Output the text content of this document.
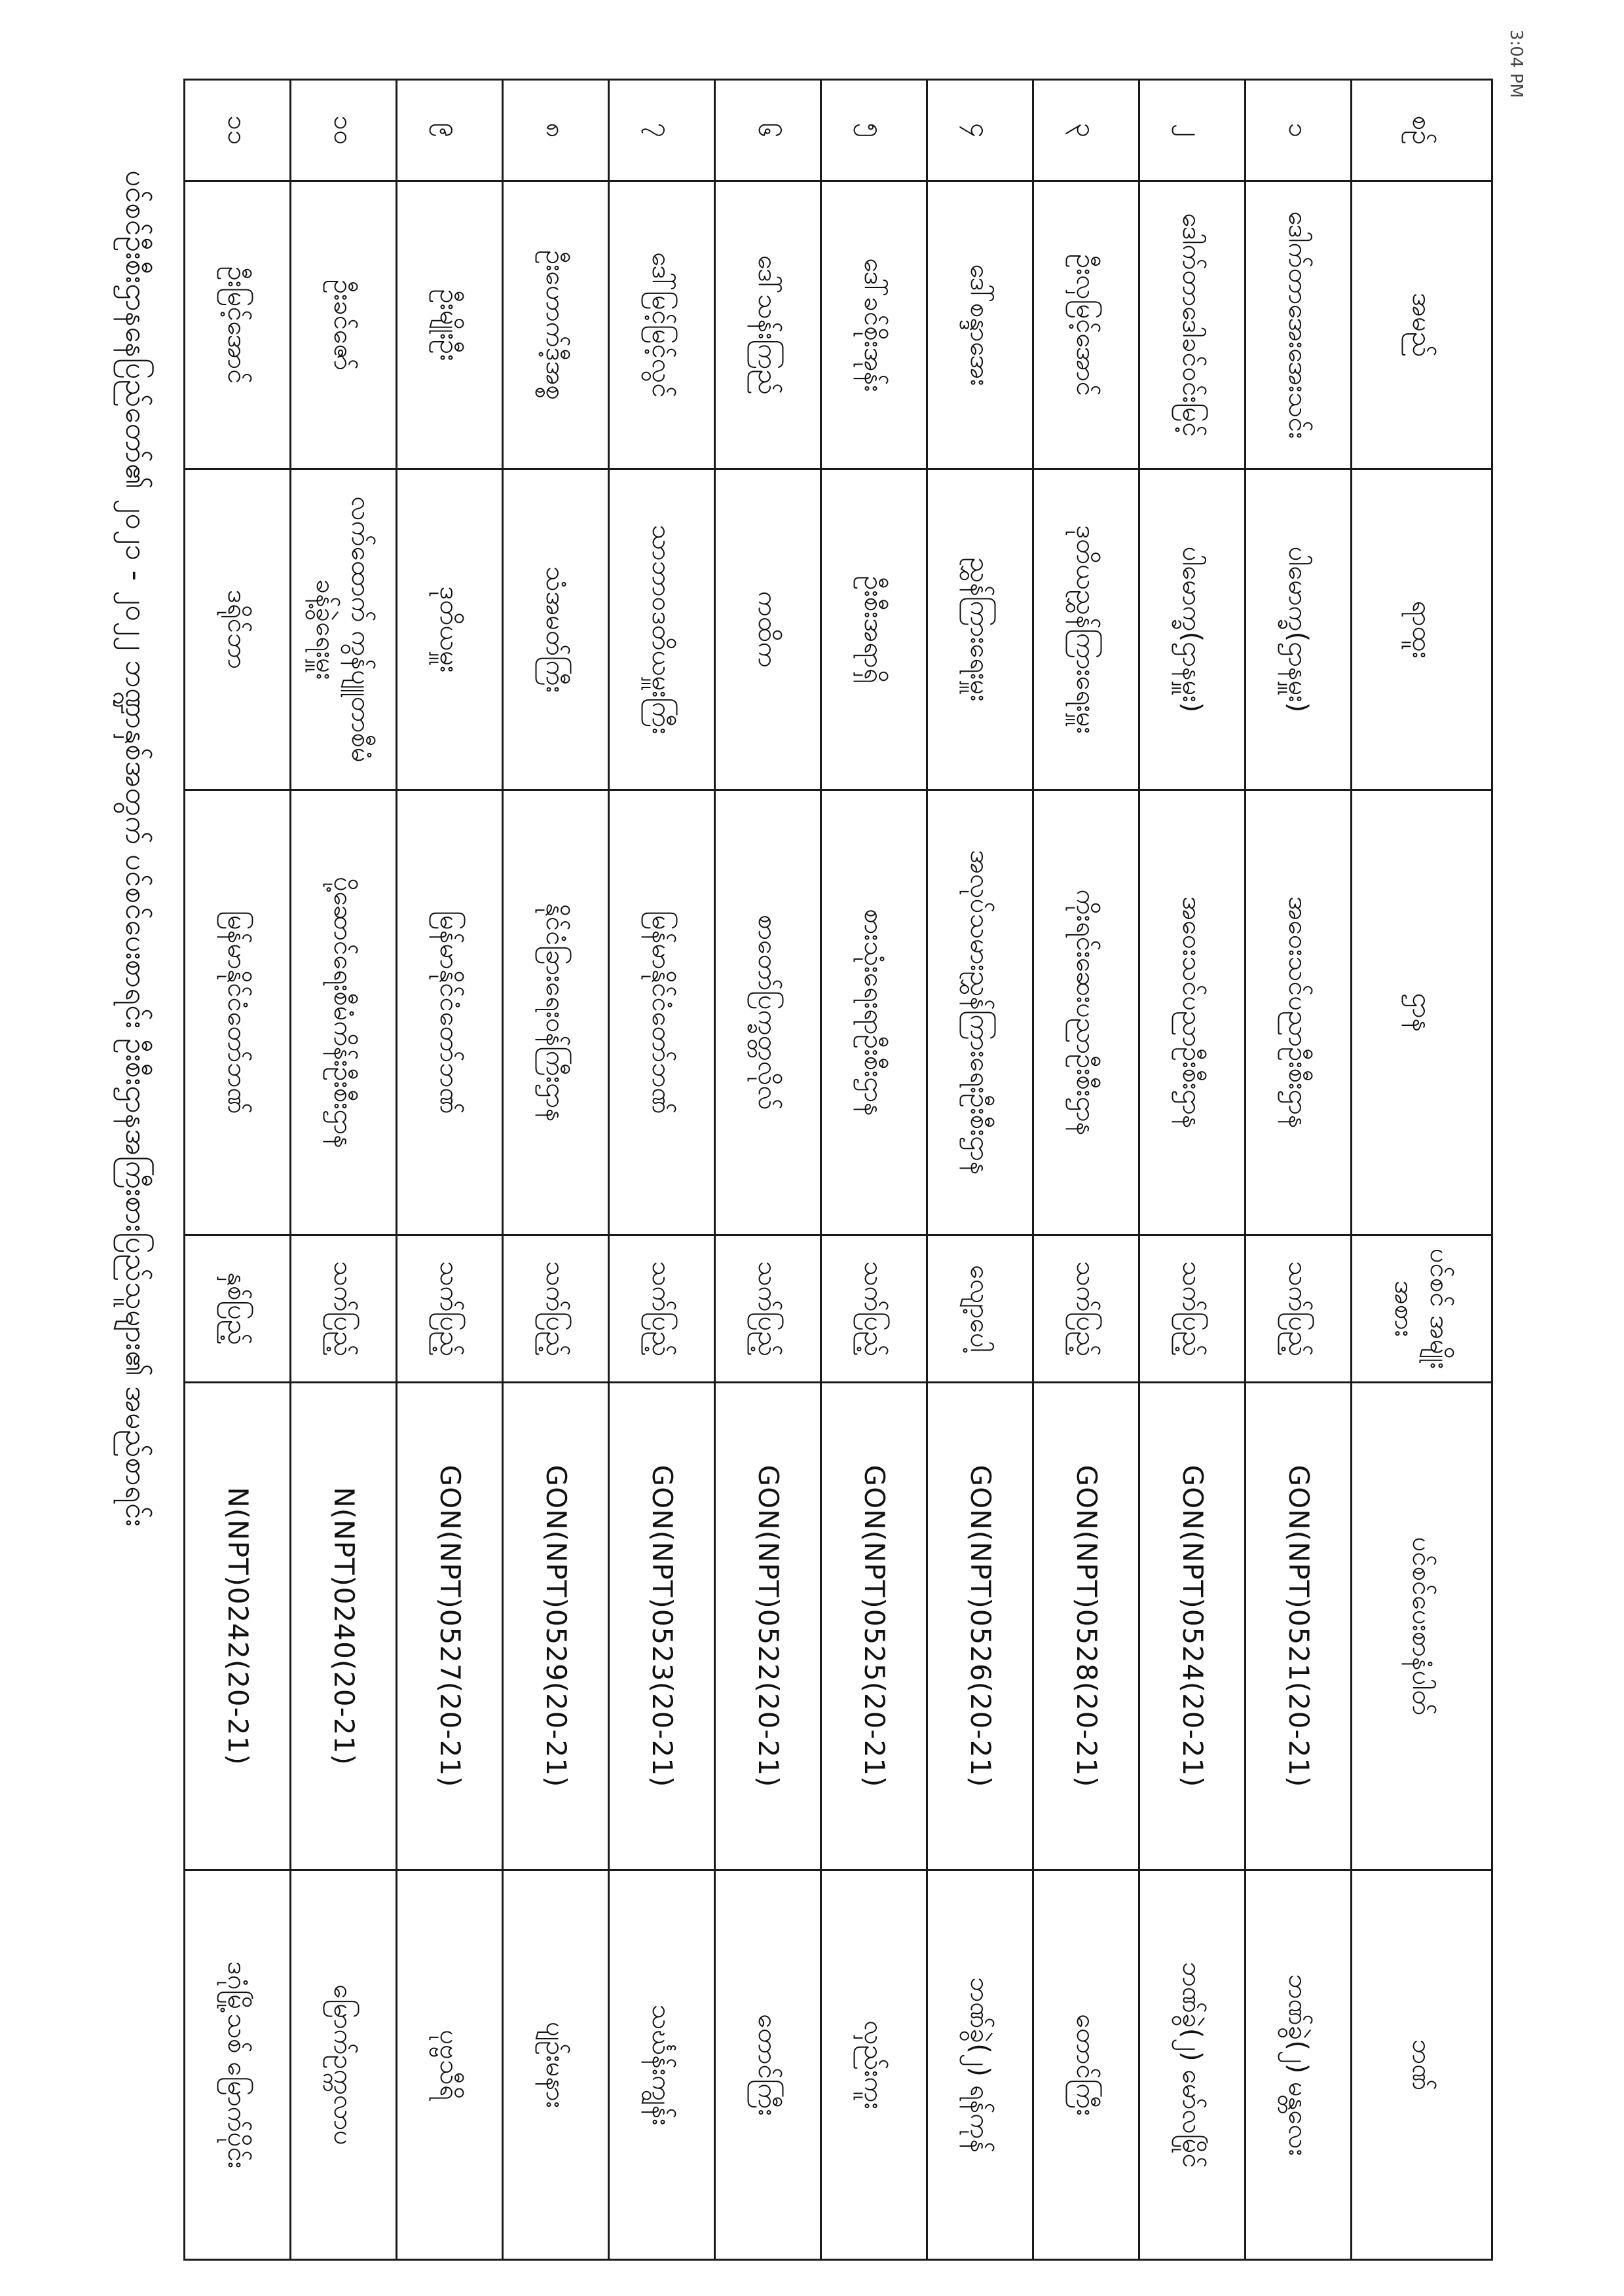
3:04 PM
ပင်စင်ဦးစီးဌာနနေပြည်တော်၏ ၂၀၂၁ - ၂၀၂၂ ဘဏ္ဍာနှစ်အတွက် ပင်စင်ပေးစာရင်း ဦးစီးဌာနအကြီးစားပြည်သူများ၏ အမည်စာရင်း
စဉ်	အမည်	ရာထူး	ဌာန	ပင်စင် အမျိုးအစား	ပင်စင်ပေးစာနံပါတ်	ဘဏ်
၁	ဒေါက်တာအေးအေးသင်း	ပါမောက္ခ(ဌာနမှူး)	အဝေးသင်ပညာဦးစီးဌာန	သက်ပြည့်	GON(NPT)0521(20-21)	ဘဏ်ခွဲ(၂) မန္တလေး
၂	ဒေါက်တာဒေါခင်ဝင်းမြင့်	ပါမောက္ခ(ဌာနမှူး)	အဝေးသင်ပညာဦးစီးဌာန	သက်ပြည့်	GON(NPT)0524(20-21)	ဘဏ်ခွဲ(၂) မော်လမြိုင်
၃	ဦးလှမြင့်အောင်	ဒုတိယညွှန်ကြားရေးမှူး	ကိုးရင်းဆေးပညာဦးစီးဌာန	သက်ပြည့်	GON(NPT)0528(20-21)	တောင်ကြီး
၄	ဒေါ်စန္ဒာအေး	ညွှန်ကြားရေးမှူး	အလုပ်သမားညွှန်ကြားရေးဦးစီးဌာန	လျော့ပေါ့	GON(NPT)0526(20-21)	ဘဏ်ခွဲ(၂) ရန်ကုန်
၅	ဒေါ်ခင်စိုးအုန်း	ဦးစီးအရာရှိ	စားသုံးရေးရာဦးစီးဌာန	သက်ပြည့်	GON(NPT)0525(20-21)	လှည်းကူး
၆	ဒေါ်သန်းကြည်	ကထိက	စာတော်ပြက္ခတ္တလိုလ်	သက်ပြည့်	GON(NPT)0522(20-21)	တောင်ကြီး
၇	ဒေါ်မြင့်မြင့်လွင်	သာဘာဝဒတိယမှူးကြီး	မြန်မာနိုင်ငံတော်ဘဏ်	သက်ပြည့်	GON(NPT)0523(20-21)	သင်္ဃန်းကျွန်း
၈	ဦးဟောက်ဒီ့အစ္စ	သံအမတ်ကြီး	နိုင်ငံခြားရေးဝန်ကြီးဌာန	သက်ပြည့်	GON(NPT)0529(20-21)	ပျဉ်းမနား
၉	ဦးမျိုးဦး	ဒုတိယမှူး	မြန်မာနိုင်ငံတော်ဘဏ်	သက်ပြည့်	GON(NPT)0527(20-21)	ပုဗ္ဗသီရိ
၁၀	ဦးခင်ဇော်	လက်ထောက် ကွန်ပျူတာစီမံခန့်ခွဲရေးမှူး	ပို့ဆောင်ရေးစီမံကိန်းဦးစီးဌာန	သက်ပြည့်	N(NPT)0240(20-21)	မြောက်ဥက္ကလာပ
၁၁	ဦးမြင့်အောင်	ဒရိုင်ဘာ	မြန်မာနိုင်ငံတော်ဘဏ်	နှစ်ပြည့်	N(NPT)0242(20-21)	ဒဂုံမြို့သစ် မြောက်ပိုင်း
